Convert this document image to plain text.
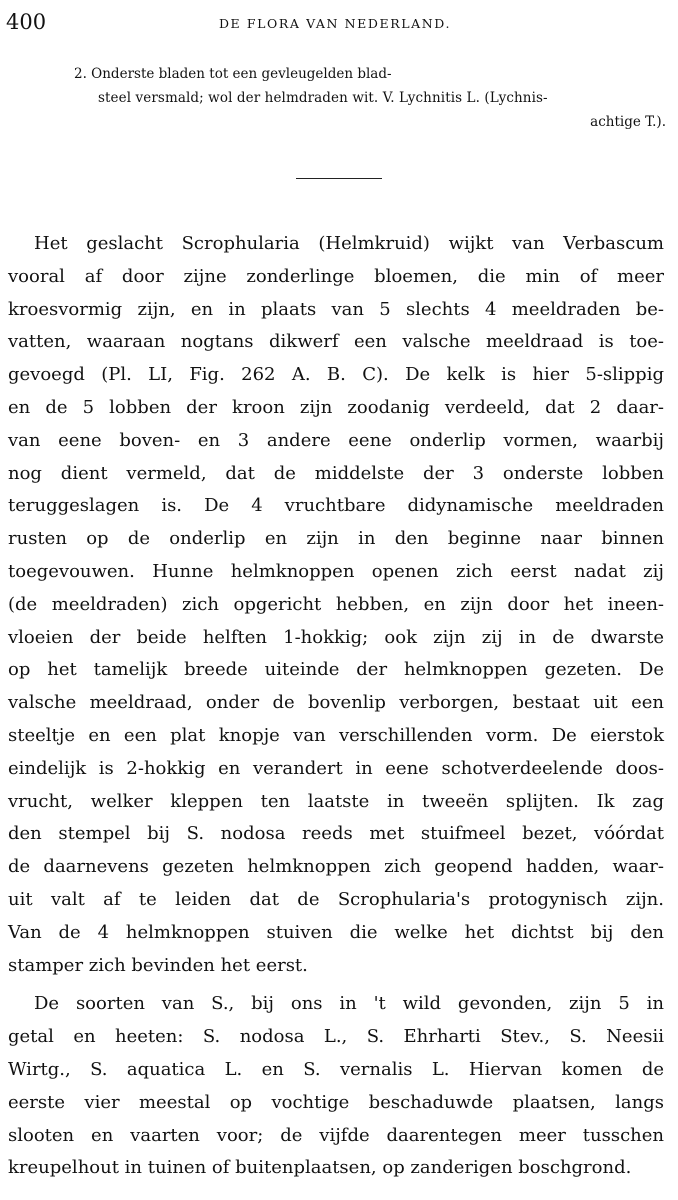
400	DE FLORA VAN NEDERLAND.
2. Onderste bladen tot een gevleugelden blad-
steel versmald; wol der helmdraden wit. V. Lychnitis L. (Lychnis-
achtige T.).
Het geslacht Scrophularia (Helmkruid) wijkt van Verbascum
vooral af door zijne zonderlinge bloemen, die min of meer
kroesvormig zijn, en in plaats van 5 slechts 4 meeldraden be-
vatten, waaraan nogtans dikwerf een valsche meeldraad is toe-
gevoegd (Pl. LI, Fig. 262 A. B. C). De kelk is hier 5-slippig
en de 5 lobben der kroon zijn zoodanig verdeeld, dat 2 daar-
van eene boven- en 3 andere eene onderlip vormen, waarbij
nog dient vermeld, dat de middelste der 3 onderste lobben
teruggeslagen is. De 4 vruchtbare didynamische meeldraden
rusten op de onderlip en zijn in den beginne naar binnen
toegevouwen. Hunne helmknoppen openen zich eerst nadat zij
(de meeldraden) zich opgericht hebben, en zijn door het ineen-
vloeien der beide helften 1-hokkig; ook zijn zij in de dwarste
op het tamelijk breede uiteinde der helmknoppen gezeten. De
valsche meeldraad, onder de bovenlip verborgen, bestaat uit een
steeltje en een plat knopje van verschillenden vorm. De eierstok
eindelijk is 2-hokkig en verandert in eene schotverdeelende doos-
vrucht, welker kleppen ten laatste in tweeën splijten. Ik zag
den stempel bij S. nodosa reeds met stuifmeel bezet, vóórdat
de daarnevens gezeten helmknoppen zich geopend hadden, waar-
uit valt af te leiden dat de Scrophularia's protogynisch zijn.
Van de 4 helmknoppen stuiven die welke het dichtst bij den
stamper zich bevinden het eerst.
De soorten van S., bij ons in 't wild gevonden, zijn 5 in
getal en heeten: S. nodosa L., S. Ehrharti Stev., S. Neesii
Wirtg., S. aquatica L. en S. vernalis L. Hiervan komen de
eerste vier meestal op vochtige beschaduwde plaatsen, langs
slooten en vaarten voor; de vijfde daarentegen meer tusschen
kreupelhout in tuinen of buitenplaatsen, op zanderigen boschgrond.
